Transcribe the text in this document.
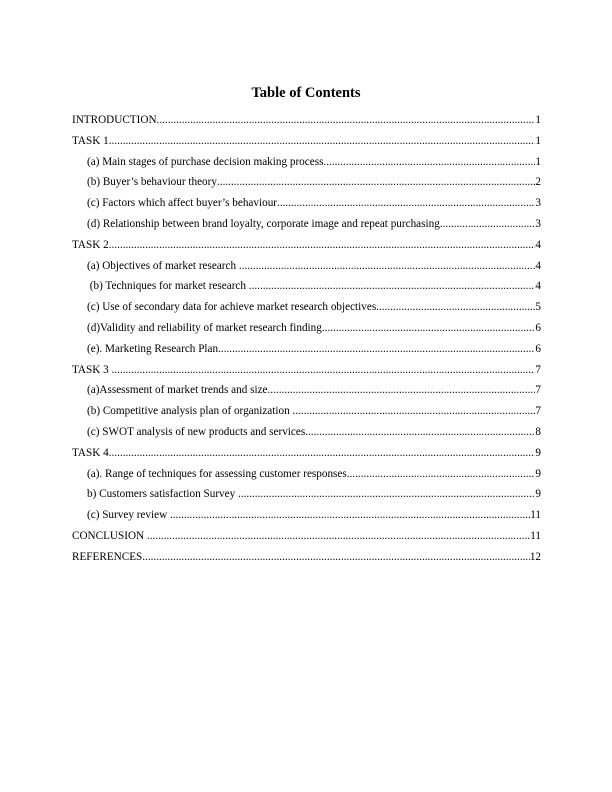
Table of Contents
INTRODUCTION .....	1
TASK 1 .....	1
(a) Main stages of purchase decision making process .....	1
(b) Buyer’s behaviour theory .....	2
(c) Factors which affect buyer’s behaviour .....	3
(d) Relationship between brand loyalty, corporate image and repeat purchasing .....	3
TASK 2 .....	4
(a) Objectives of market research .....	4
(b) Techniques for market research .....	4
(c) Use of secondary data for achieve market research objectives .....	5
(d)Validity and reliability of market research finding .....	6
(e). Marketing Research Plan .....	6
TASK 3 .....	7
(a)Assessment of market trends and size .....	7
(b) Competitive analysis plan of organization .....	7
(c) SWOT analysis of new products and services .....	8
TASK 4 .....	9
(a). Range of techniques for assessing customer responses .....	9
b) Customers satisfaction Survey .....	9
(c) Survey review .....	11
CONCLUSION .....	11
REFERENCES .....	12
